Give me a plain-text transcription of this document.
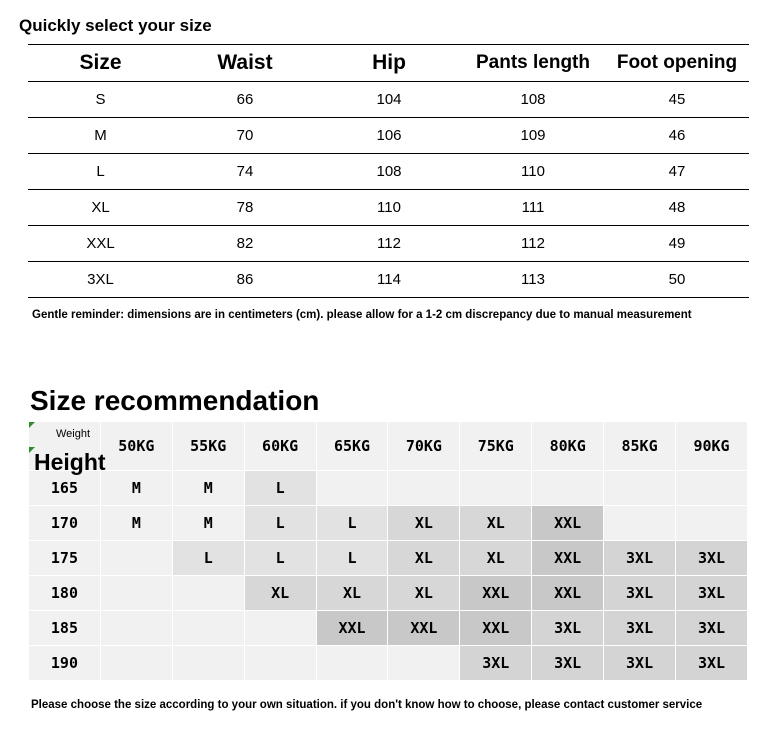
Quickly select your size
Size	Waist	Hip	Pants length	Foot opening
S	66	104	108	45
M	70	106	109	46
L	74	108	110	47
XL	78	110	111	48
XXL	82	112	112	49
3XL	86	114	113	50
Gentle reminder: dimensions are in centimeters (cm). please allow for a 1-2 cm discrepancy due to manual measurement
Size recommendation
Weight
Height	50KG	55KG	60KG	65KG	70KG	75KG	80KG	85KG	90KG
165	M	M	L						
170	M	M	L	L	XL	XL	XXL		
175		L	L	L	XL	XL	XXL	3XL	3XL
180			XL	XL	XL	XXL	XXL	3XL	3XL
185				XXL	XXL	XXL	3XL	3XL	3XL
190						3XL	3XL	3XL	3XL
Please choose the size according to your own situation. if you don't know how to choose, please contact customer service
